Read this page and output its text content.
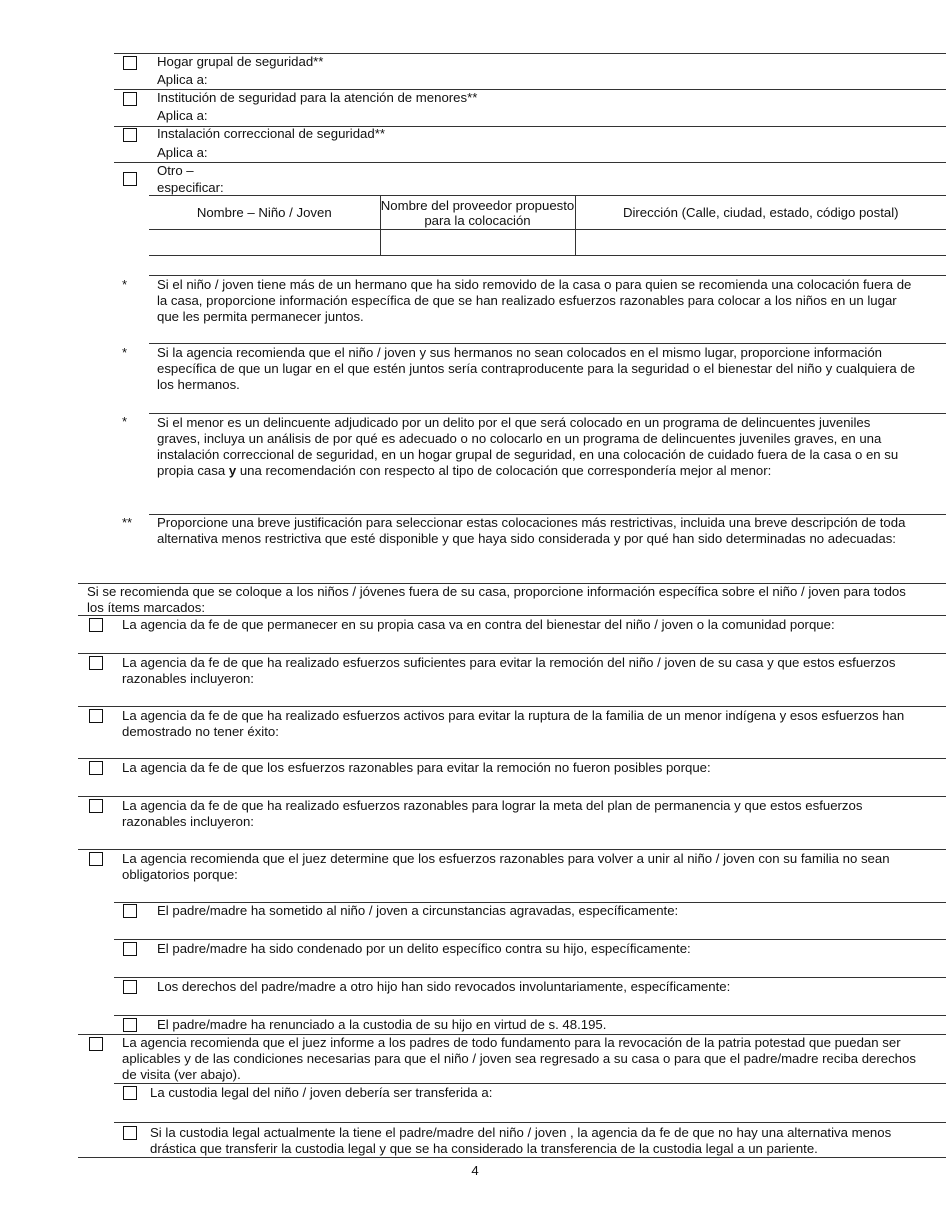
Hogar grupal de seguridad**
Aplica a:
Institución de seguridad para la atención de menores**
Aplica a:
Instalación correccional de seguridad**
Aplica a:
Otro –
especificar:
Nombre – Niño / Joven	Nombre del proveedor propuesto para la colocación	Dirección (Calle, ciudad, estado, código postal)

* Si el niño / joven tiene más de un hermano que ha sido removido de la casa o para quien se recomienda una colocación fuera de la casa, proporcione información específica de que se han realizado esfuerzos razonables para colocar a los niños en un lugar que les permita permanecer juntos.
* Si la agencia recomienda que el niño / joven y sus hermanos no sean colocados en el mismo lugar, proporcione información específica de que un lugar en el que estén juntos sería contraproducente para la seguridad o el bienestar del niño y cualquiera de los hermanos.
* Si el menor es un delincuente adjudicado por un delito por el que será colocado en un programa de delincuentes juveniles graves, incluya un análisis de por qué es adecuado o no colocarlo en un programa de delincuentes juveniles graves, en una instalación correccional de seguridad, en un hogar grupal de seguridad, en una colocación de cuidado fuera de la casa o en su propia casa y una recomendación con respecto al tipo de colocación que correspondería mejor al menor:
** Proporcione una breve justificación para seleccionar estas colocaciones más restrictivas, incluida una breve descripción de toda alternativa menos restrictiva que esté disponible y que haya sido considerada y por qué han sido determinadas no adecuadas:
Si se recomienda que se coloque a los niños / jóvenes fuera de su casa, proporcione información específica sobre el niño / joven para todos los ítems marcados:
La agencia da fe de que permanecer en su propia casa va en contra del bienestar del niño / joven o la comunidad porque:
La agencia da fe de que ha realizado esfuerzos suficientes para evitar la remoción del niño / joven de su casa y que estos esfuerzos razonables incluyeron:
La agencia da fe de que ha realizado esfuerzos activos para evitar la ruptura de la familia de un menor indígena y esos esfuerzos han demostrado no tener éxito:
La agencia da fe de que los esfuerzos razonables para evitar la remoción no fueron posibles porque:
La agencia da fe de que ha realizado esfuerzos razonables para lograr la meta del plan de permanencia y que estos esfuerzos razonables incluyeron:
La agencia recomienda que el juez determine que los esfuerzos razonables para volver a unir al niño / joven con su familia no sean obligatorios porque:
El padre/madre ha sometido al niño / joven a circunstancias agravadas, específicamente:
El padre/madre ha sido condenado por un delito específico contra su hijo, específicamente:
Los derechos del padre/madre a otro hijo han sido revocados involuntariamente, específicamente:
El padre/madre ha renunciado a la custodia de su hijo en virtud de s. 48.195.
La agencia recomienda que el juez informe a los padres de todo fundamento para la revocación de la patria potestad que puedan ser aplicables y de las condiciones necesarias para que el niño / joven sea regresado a su casa o para que el padre/madre reciba derechos de visita (ver abajo).
La custodia legal del niño / joven debería ser transferida a:
Si la custodia legal actualmente la tiene el padre/madre del niño / joven , la agencia da fe de que no hay una alternativa menos drástica que transferir la custodia legal y que se ha considerado la transferencia de la custodia legal a un pariente.
4
